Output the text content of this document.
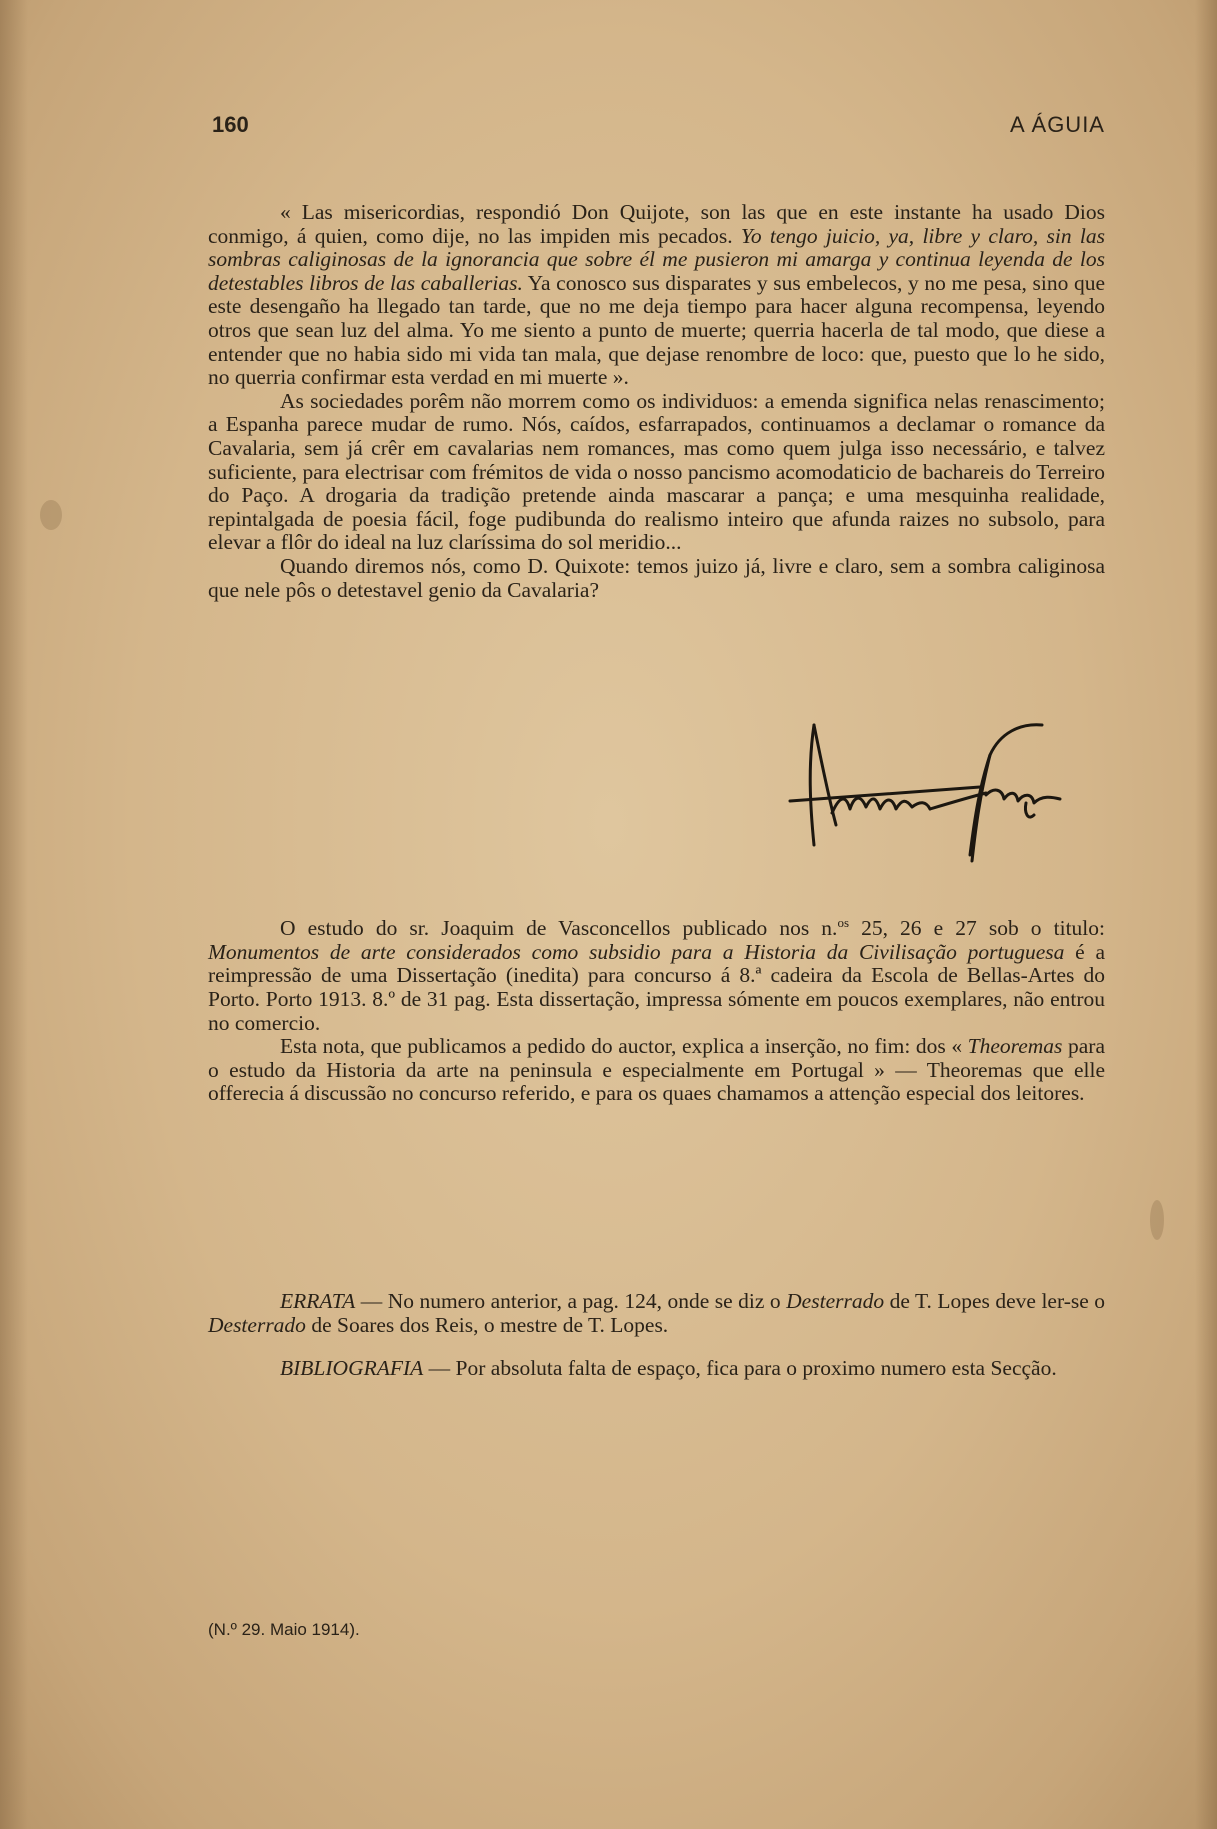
160	A ÁGUIA

« Las misericordias, respondió Don Quijote, son las que en este instante ha usado Dios conmigo, á quien, como dije, no las impiden mis pecados. Yo tengo juicio, ya, libre y claro, sin las sombras caliginosas de la ignorancia que sobre él me pusieron mi amarga y continua leyenda de los detestables libros de las caballerias. Ya conosco sus disparates y sus embelecos, y no me pesa, sino que este desengaño ha llegado tan tarde, que no me deja tiempo para hacer alguna recompensa, leyendo otros que sean luz del alma. Yo me siento a punto de muerte; querria hacerla de tal modo, que diese a entender que no habia sido mi vida tan mala, que dejase renombre de loco: que, puesto que lo he sido, no querria confirmar esta verdad en mi muerte ».

As sociedades porêm não morrem como os individuos: a emenda significa nelas renascimento; a Espanha parece mudar de rumo. Nós, caídos, esfarrapados, continuamos a declamar o romance da Cavalaria, sem já crêr em cavalarias nem romances, mas como quem julga isso necessário, e talvez suficiente, para electrisar com frémitos de vida o nosso pancismo acomodaticio de bachareis do Terreiro do Paço. A drogaria da tradição pretende ainda mascarar a pança; e uma mesquinha realidade, repintalgada de poesia fácil, foge pudibunda do realismo inteiro que afunda raizes no subsolo, para elevar a flôr do ideal na luz claríssima do sol meridio...

Quando diremos nós, como D. Quixote: temos juizo já, livre e claro, sem a sombra caliginosa que nele pôs o detestavel genio da Cavalaria?

O estudo do sr. Joaquim de Vasconcellos publicado nos n.$^{os}$ 25, 26 e 27 sob o titulo: Monumentos de arte considerados como subsidio para a Historia da Civilisação portuguesa é a reimpressão de uma Dissertação (inedita) para concurso á 8.ª cadeira da Escola de Bellas-Artes do Porto. Porto 1913. 8.º de 31 pag. Esta dissertação, impressa sómente em poucos exemplares, não entrou no comercio.

Esta nota, que publicamos a pedido do auctor, explica a inserção, no fim: dos « Theoremas para o estudo da Historia da arte na peninsula e especialmente em Portugal » — Theoremas que elle offerecia á discussão no concurso referido, e para os quaes chamamos a attenção especial dos leitores.

ERRATA — No numero anterior, a pag. 124, onde se diz o Desterrado de T. Lopes deve ler-se o Desterrado de Soares dos Reis, o mestre de T. Lopes.

BIBLIOGRAFIA — Por absoluta falta de espaço, fica para o proximo numero esta Secção.

(N.º 29. Maio 1914).
